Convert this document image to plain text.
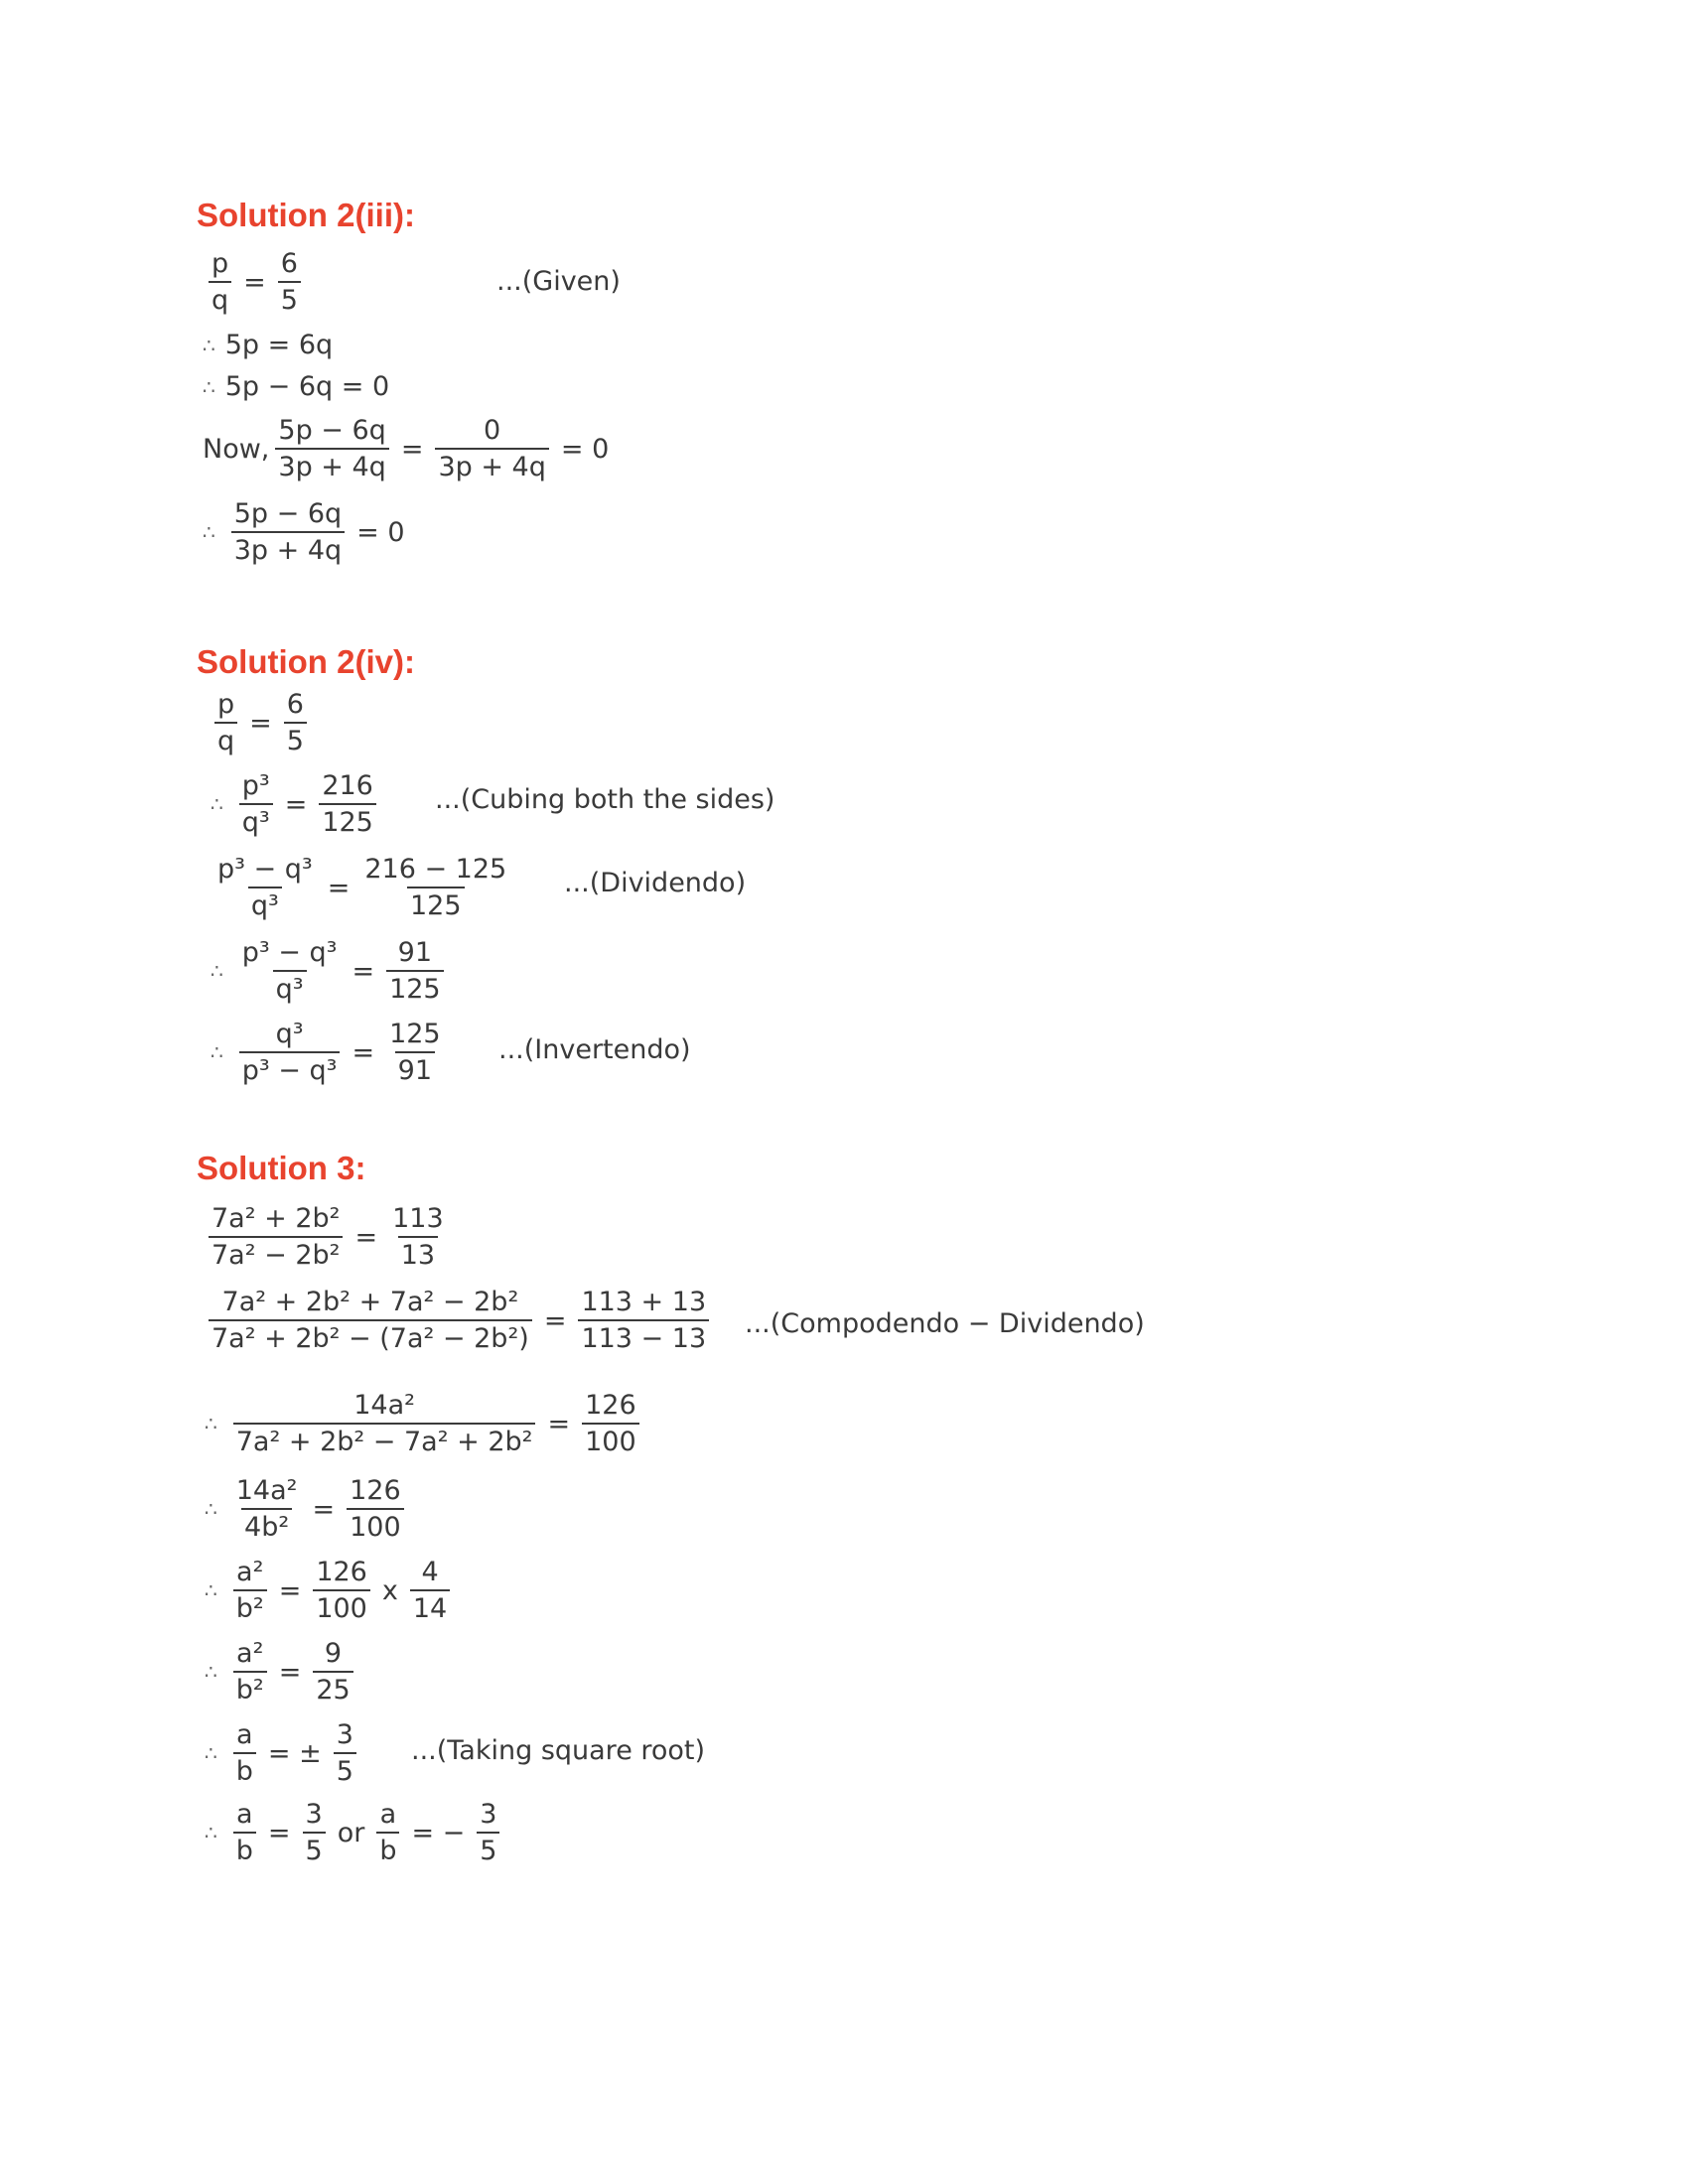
Solution 2(iii):
$\frac{p}{q} = \frac{6}{5}$	...(Given)
∴ 5p = 6q
∴ 5p − 6q = 0
Now, $\frac{5p - 6q}{3p + 4q} = \frac{0}{3p + 4q} = 0$
∴ $\frac{5p - 6q}{3p + 4q} = 0$
Solution 2(iv):
$\frac{p}{q} = \frac{6}{5}$
∴ $\frac{\text{p³}}{\text{q³}} = \frac{216}{125}$ ...(Cubing both the sides)
$\frac{\text{p³ − q³}}{\text{q³}} = \frac{216 - 125}{125}$ ...(Dividendo)
∴ $\frac{\text{p³ − q³}}{\text{q³}} = \frac{91}{125}$
∴ $\frac{\text{q³}}{\text{p³ − q³}} = \frac{125}{91}$ ...(Invertendo)
Solution 3:
$\frac{\text{7a² + 2b²}}{\text{7a² − 2b²}} = \frac{113}{13}$
$\frac{\text{7a² + 2b² + 7a² − 2b²}}{\text{7a² + 2b² − (7a² − 2b²)}} = \frac{113 + 13}{113 - 13}$ ...(Compodendo − Dividendo)
∴ $\frac{\text{14a²}}{\text{7a² + 2b² − 7a² + 2b²}} = \frac{126}{100}$
∴ $\frac{\text{14a²}}{\text{4b²}} = \frac{126}{100}$
∴ $\frac{\text{a²}}{\text{b²}} = \frac{126}{100}$ x $\frac{4}{14}$
∴ $\frac{\text{a²}}{\text{b²}} = \frac{9}{25}$
∴ $\frac{a}{b}$ = ± $\frac{3}{5}$ ...(Taking square root)
∴ $\frac{a}{b} = \frac{3}{5}$ or $\frac{a}{b}$ = − $\frac{3}{5}$
